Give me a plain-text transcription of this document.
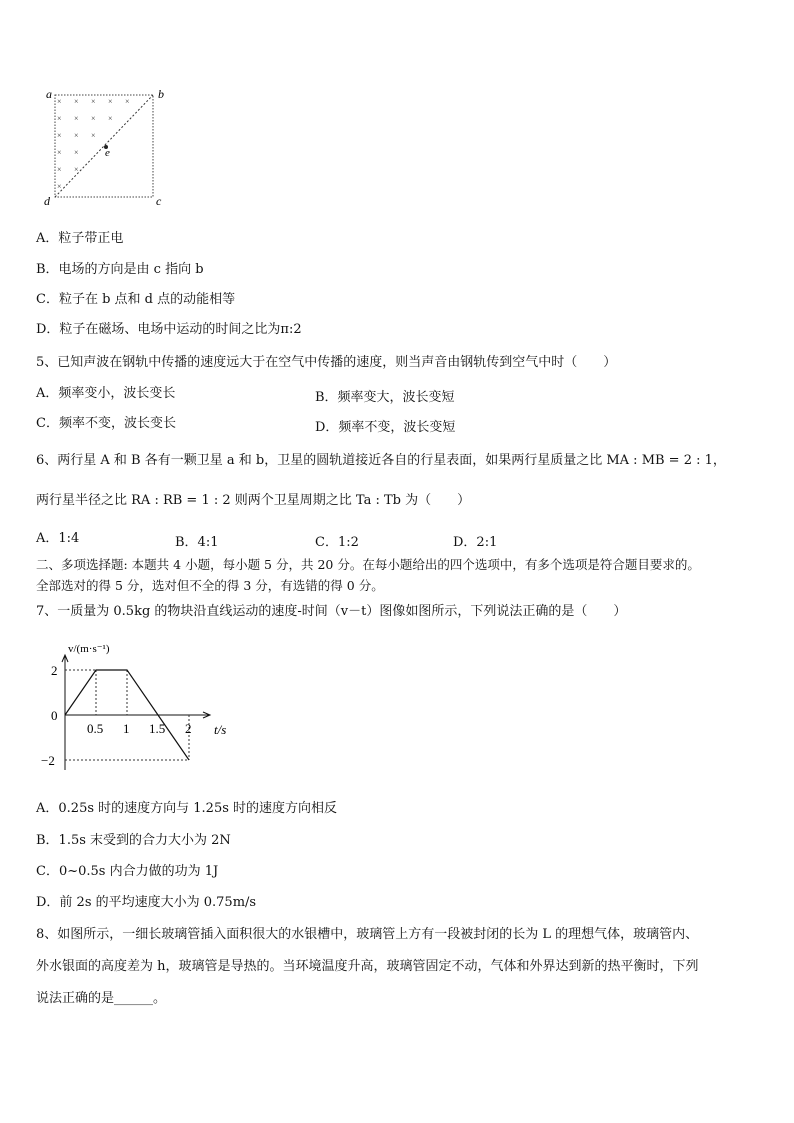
× × × × ×
× × × ×
× × ×
× ×
× ×
×
a	b
c
d
e
A．粒子带正电
B．电场的方向是由 c 指向 b
C．粒子在 b 点和 d 点的动能相等
D．粒子在磁场、电场中运动的时间之比为π:2
5、已知声波在钢轨中传播的速度远大于在空气中传播的速度，则当声音由钢轨传到空气中时（　　）
A．频率变小，波长变长	B．频率变大，波长变短
C．频率不变，波长变长	D．频率不变，波长变短
6、两行星 A 和 B 各有一颗卫星 a 和 b，卫星的圆轨道接近各自的行星表面，如果两行星质量之比 MA : MB = 2 : 1，
两行星半径之比 RA : RB = 1 : 2 则两个卫星周期之比 Ta : Tb 为（　　）
A．1:4	B．4:1	C．1:2	D．2:1
二、多项选择题: 本题共 4 小题，每小题 5 分，共 20 分。在每小题给出的四个选项中，有多个选项是符合题目要求的。
全部选对的得 5 分，选对但不全的得 3 分，有选错的得 0 分。
7、一质量为 0.5kg 的物块沿直线运动的速度-时间（v－t）图像如图所示，下列说法正确的是（　　）
0.5 1 1.5 2
2
0
−2
v/(m·s⁻¹)
t/s
A．0.25s 时的速度方向与 1.25s 时的速度方向相反
B．1.5s 末受到的合力大小为 2N
C．0~0.5s 内合力做的功为 1J
D．前 2s 的平均速度大小为 0.75m/s
8、如图所示，一细长玻璃管插入面积很大的水银槽中，玻璃管上方有一段被封闭的长为 L 的理想气体，玻璃管内、
外水银面的高度差为 h，玻璃管是导热的。当环境温度升高，玻璃管固定不动，气体和外界达到新的热平衡时，下列
说法正确的是______。
